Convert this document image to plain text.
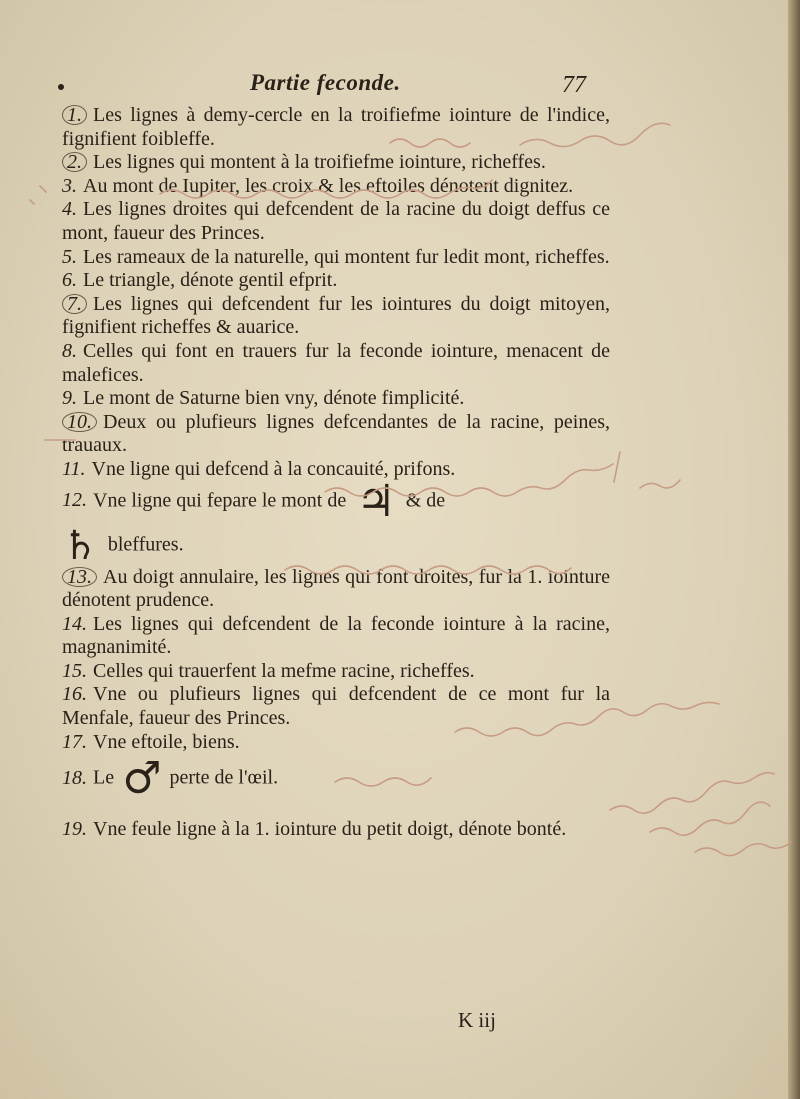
Partie feconde.	77

1. Les lignes à demy-cercle en la troifiefme iointure de l'indice, fignifient foibleffe.

2. Les lignes qui montent à la troifiefme iointure, richeffes.

3. Au mont de Iupiter, les croix & les eftoiles dénotent dignitez.

4. Les lignes droites qui defcendent de la racine du doigt deffus ce mont, faueur des Princes.

5. Les rameaux de la naturelle, qui montent fur ledit mont, richeffes.

6. Le triangle, dénote gentil efprit.

7. Les lignes qui defcendent fur les iointures du doigt mitoyen, fignifient richeffes & auarice.

8. Celles qui font en trauers fur la feconde iointure, menacent de malefices.

9. Le mont de Saturne bien vny, dénote fimplicité.

10. Deux ou plufieurs lignes defcendantes de la racine, peines, trauaux.

11. Vne ligne qui defcend à la concauité, prifons.

12. Vne ligne qui fepare le mont de ♃ & de

♄ bleffures.

13. Au doigt annulaire, les lignes qui font droites, fur la 1. iointure dénotent prudence.

14. Les lignes qui defcendent de la feconde iointure à la racine, magnanimité.

15. Celles qui trauerfent la mefme racine, richeffes.

16. Vne ou plufieurs lignes qui defcendent de ce mont fur la Menfale, faueur des Princes.

17. Vne eftoile, biens.

18. Le ♂ perte de l'œil.

19. Vne feule ligne à la 1. iointure du petit doigt, dénote bonté.

K iij
